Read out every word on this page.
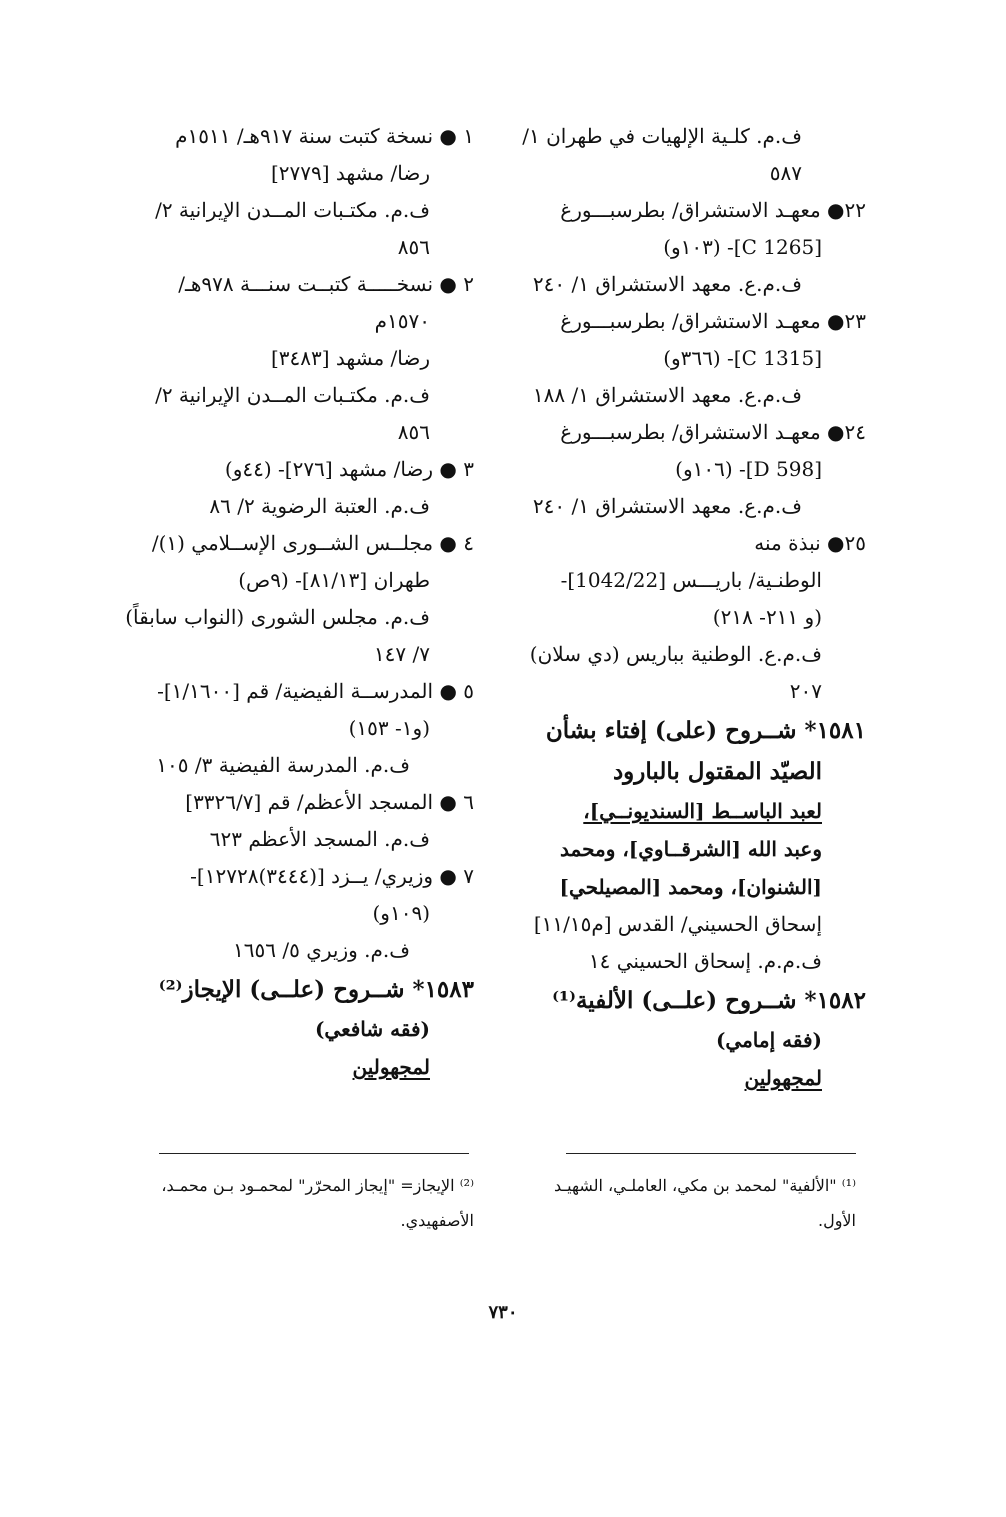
ف.م. كلـية الإلهيات في طهران ١/
٥٨٧
٢٢● معهـد الاستشراق/ بطرسبـــورغ
[C 1265]- (١٠٣و)
ف.م.ع. معهد الاستشراق ١/ ٢٤٠
٢٣● معهـد الاستشراق/ بطرسبـــورغ
[C 1315]- (٣٦٦و)
ف.م.ع. معهد الاستشراق ١/ ١٨٨
٢٤● معهـد الاستشراق/ بطرسبـــورغ
[D 598]- (١٠٦و)
ف.م.ع. معهد الاستشراق ١/ ٢٤٠
٢٥● نبذة منه
الوطنـية/ باريـــس [1042/22]-
(و ٢١١- ٢١٨)
ف.م.ع. الوطنية بباريس (دي سلان)
٢٠٧
١٥٨١* شــروح (على) إفتاء بشأن
الصيّد المقتول بالبارود
لعبد الباســط [السنديونــي]،
وعبد الله [الشرقــاوي]، ومحمد
[الشنوان]، ومحمد [المصيلحي]
إسحاق الحسيني/ القدس [م١١/١٥]
ف.م.م. إسحاق الحسيني ١٤
١٥٨٢* شــروح (علــى) الألفية⁽¹⁾
(فقه إمامي)
لمجهولين
١ ● نسخة كتبت سنة ٩١٧هـ/ ١٥١١م
رضا/ مشهد [٢٧٧٩]
ف.م. مكتـبات المــدن الإيرانية ٢/
٨٥٦
٢ ● نسخـــــة كتبــت سنـــة ٩٧٨هـ/
١٥٧٠م
رضا/ مشهد [٣٤٨٣]
ف.م. مكتـبات المــدن الإيرانية ٢/
٨٥٦
٣ ● رضا/ مشهد [٢٧٦]- (٤٤و)
ف.م. العتبة الرضوية ٢/ ٨٦
٤ ● مجلــس الشــورى الإســلامي (١)/
طهران [٨١/١٣]- (٩ص)
ف.م. مجلس الشورى (النواب سابقاً)
٧/ ١٤٧
٥ ● المدرســة الفيضية/ قم [١/١٦٠٠]-
(و١- ١٥٣)
ف.م. المدرسة الفيضية ٣/ ١٠٥
٦ ● المسجد الأعظم/ قم [٣٣٢٦/٧]
ف.م. المسجد الأعظم ٦٢٣
٧ ● وزيري/ يــزد [(٣٤٤٤)١٢٧٢٨]-
(١٠٩و)
ف.م. وزيري ٥/ ١٦٥٦
١٥٨٣* شــروح (علــى) الإيجاز⁽²⁾
(فقه شافعي)
لمجهولين
⁽¹⁾ "الألفية" لمحمد بن مكي، العاملـي، الشهيـد
الأول.
⁽²⁾ الإيجاز= "إيجاز المحرّر" لمحمـود بـن محمـد،
الأصفهيدي.
٧٣٠
